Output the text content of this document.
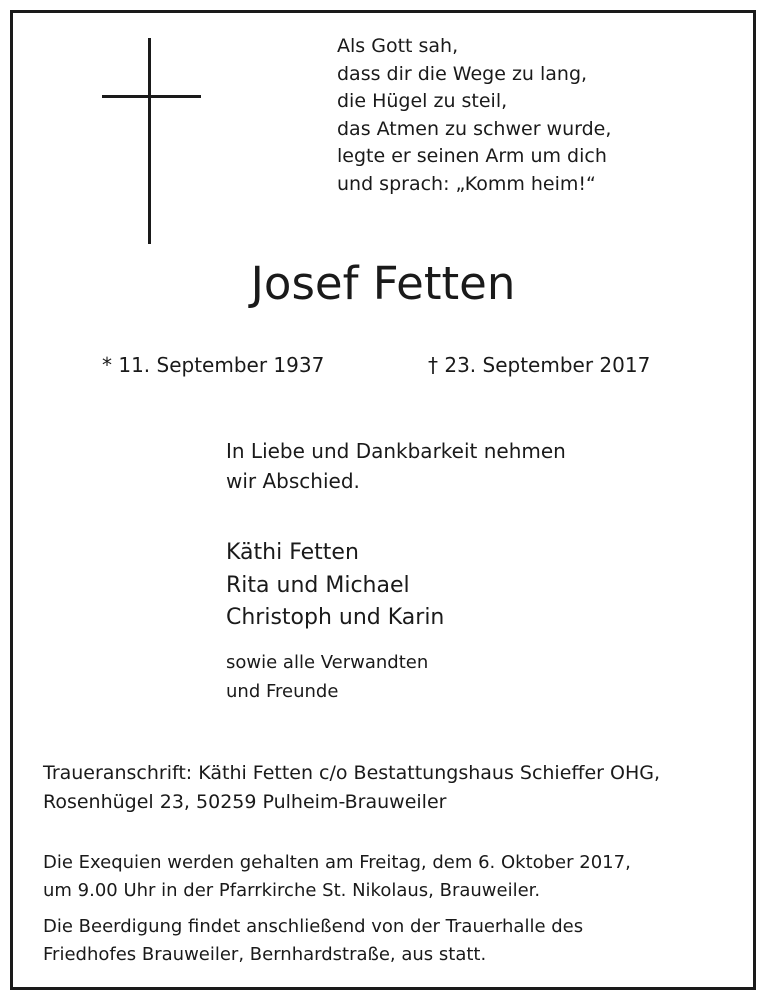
Als Gott sah,
dass dir die Wege zu lang,
die Hügel zu steil,
das Atmen zu schwer wurde,
legte er seinen Arm um dich
und sprach: „Komm heim!“
Josef Fetten
* 11. September 1937	† 23. September 2017
In Liebe und Dankbarkeit nehmen
wir Abschied.
Käthi Fetten
Rita und Michael
Christoph und Karin
sowie alle Verwandten
und Freunde
Traueranschrift: Käthi Fetten c/o Bestattungshaus Schieffer OHG,
Rosenhügel 23, 50259 Pulheim-Brauweiler
Die Exequien werden gehalten am Freitag, dem 6. Oktober 2017,
um 9.00 Uhr in der Pfarrkirche St. Nikolaus, Brauweiler.
Die Beerdigung findet anschließend von der Trauerhalle des
Friedhofes Brauweiler, Bernhardstraße, aus statt.
